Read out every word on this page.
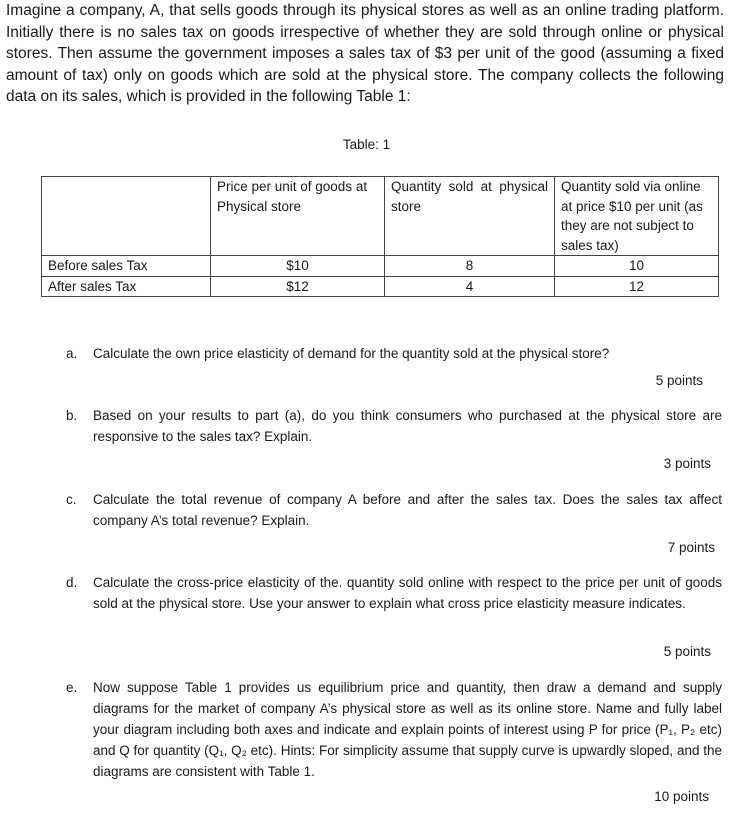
Imagine a company, A, that sells goods through its physical stores as well as an online trading platform. Initially there is no sales tax on goods irrespective of whether they are sold through online or physical stores. Then assume the government imposes a sales tax of $3 per unit of the good (assuming a fixed amount of tax) only on goods which are sold at the physical store. The company collects the following data on its sales, which is provided in the following Table 1:

Table: 1
	Price per unit of goods at Physical store	Quantity sold at physical store	Quantity sold via online at price $10 per unit (as they are not subject to sales tax)
Before sales Tax	$10	8	10
After sales Tax	$12	4	12
a. Calculate the own price elasticity of demand for the quantity sold at the physical store?
5 points
b. Based on your results to part (a), do you think consumers who purchased at the physical store are responsive to the sales tax? Explain.
3 points
c. Calculate the total revenue of company A before and after the sales tax. Does the sales tax affect company A’s total revenue? Explain.
7 points
d. Calculate the cross-price elasticity of the. quantity sold online with respect to the price per unit of goods sold at the physical store. Use your answer to explain what cross price elasticity measure indicates.
5 points
e. Now suppose Table 1 provides us equilibrium price and quantity, then draw a demand and supply diagrams for the market of company A’s physical store as well as its online store. Name and fully label your diagram including both axes and indicate and explain points of interest using P for price (P₁, P₂ etc) and Q for quantity (Q₁, Q₂ etc). Hints: For simplicity assume that supply curve is upwardly sloped, and the diagrams are consistent with Table 1.
10 points
